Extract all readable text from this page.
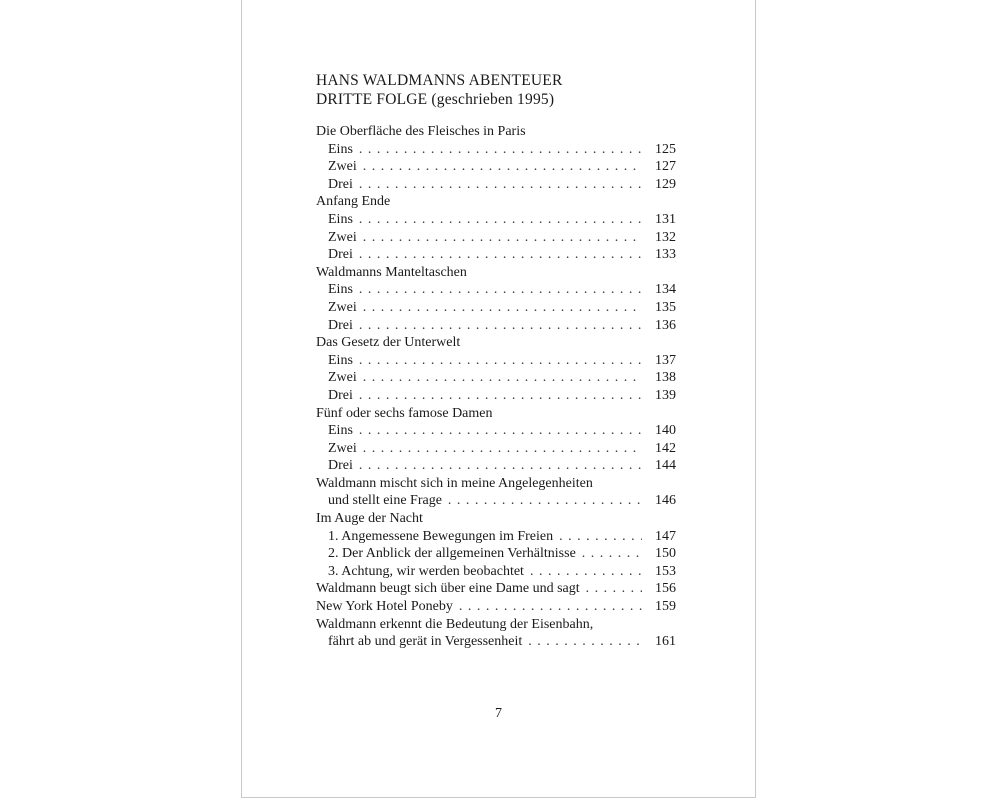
HANS WALDMANNS ABENTEUER
DRITTE FOLGE (geschrieben 1995)
Die Oberfläche des Fleisches in Paris
Eins . . .	125
Zwei . . .	127
Drei . . .	129
Anfang Ende
Eins . . .	131
Zwei . . .	132
Drei . . .	133
Waldmanns Manteltaschen
Eins . . .	134
Zwei . . .	135
Drei . . .	136
Das Gesetz der Unterwelt
Eins . . .	137
Zwei . . .	138
Drei . . .	139
Fünf oder sechs famose Damen
Eins . . .	140
Zwei . . .	142
Drei . . .	144
Waldmann mischt sich in meine Angelegenheiten
und stellt eine Frage . . .	146
Im Auge der Nacht
1. Angemessene Bewegungen im Freien . . .	147
2. Der Anblick der allgemeinen Verhältnisse . . .	150
3. Achtung, wir werden beobachtet . . .	153
Waldmann beugt sich über eine Dame und sagt . . .	156
New York Hotel Poneby . . .	159
Waldmann erkennt die Bedeutung der Eisenbahn,
fährt ab und gerät in Vergessenheit . . .	161
7
